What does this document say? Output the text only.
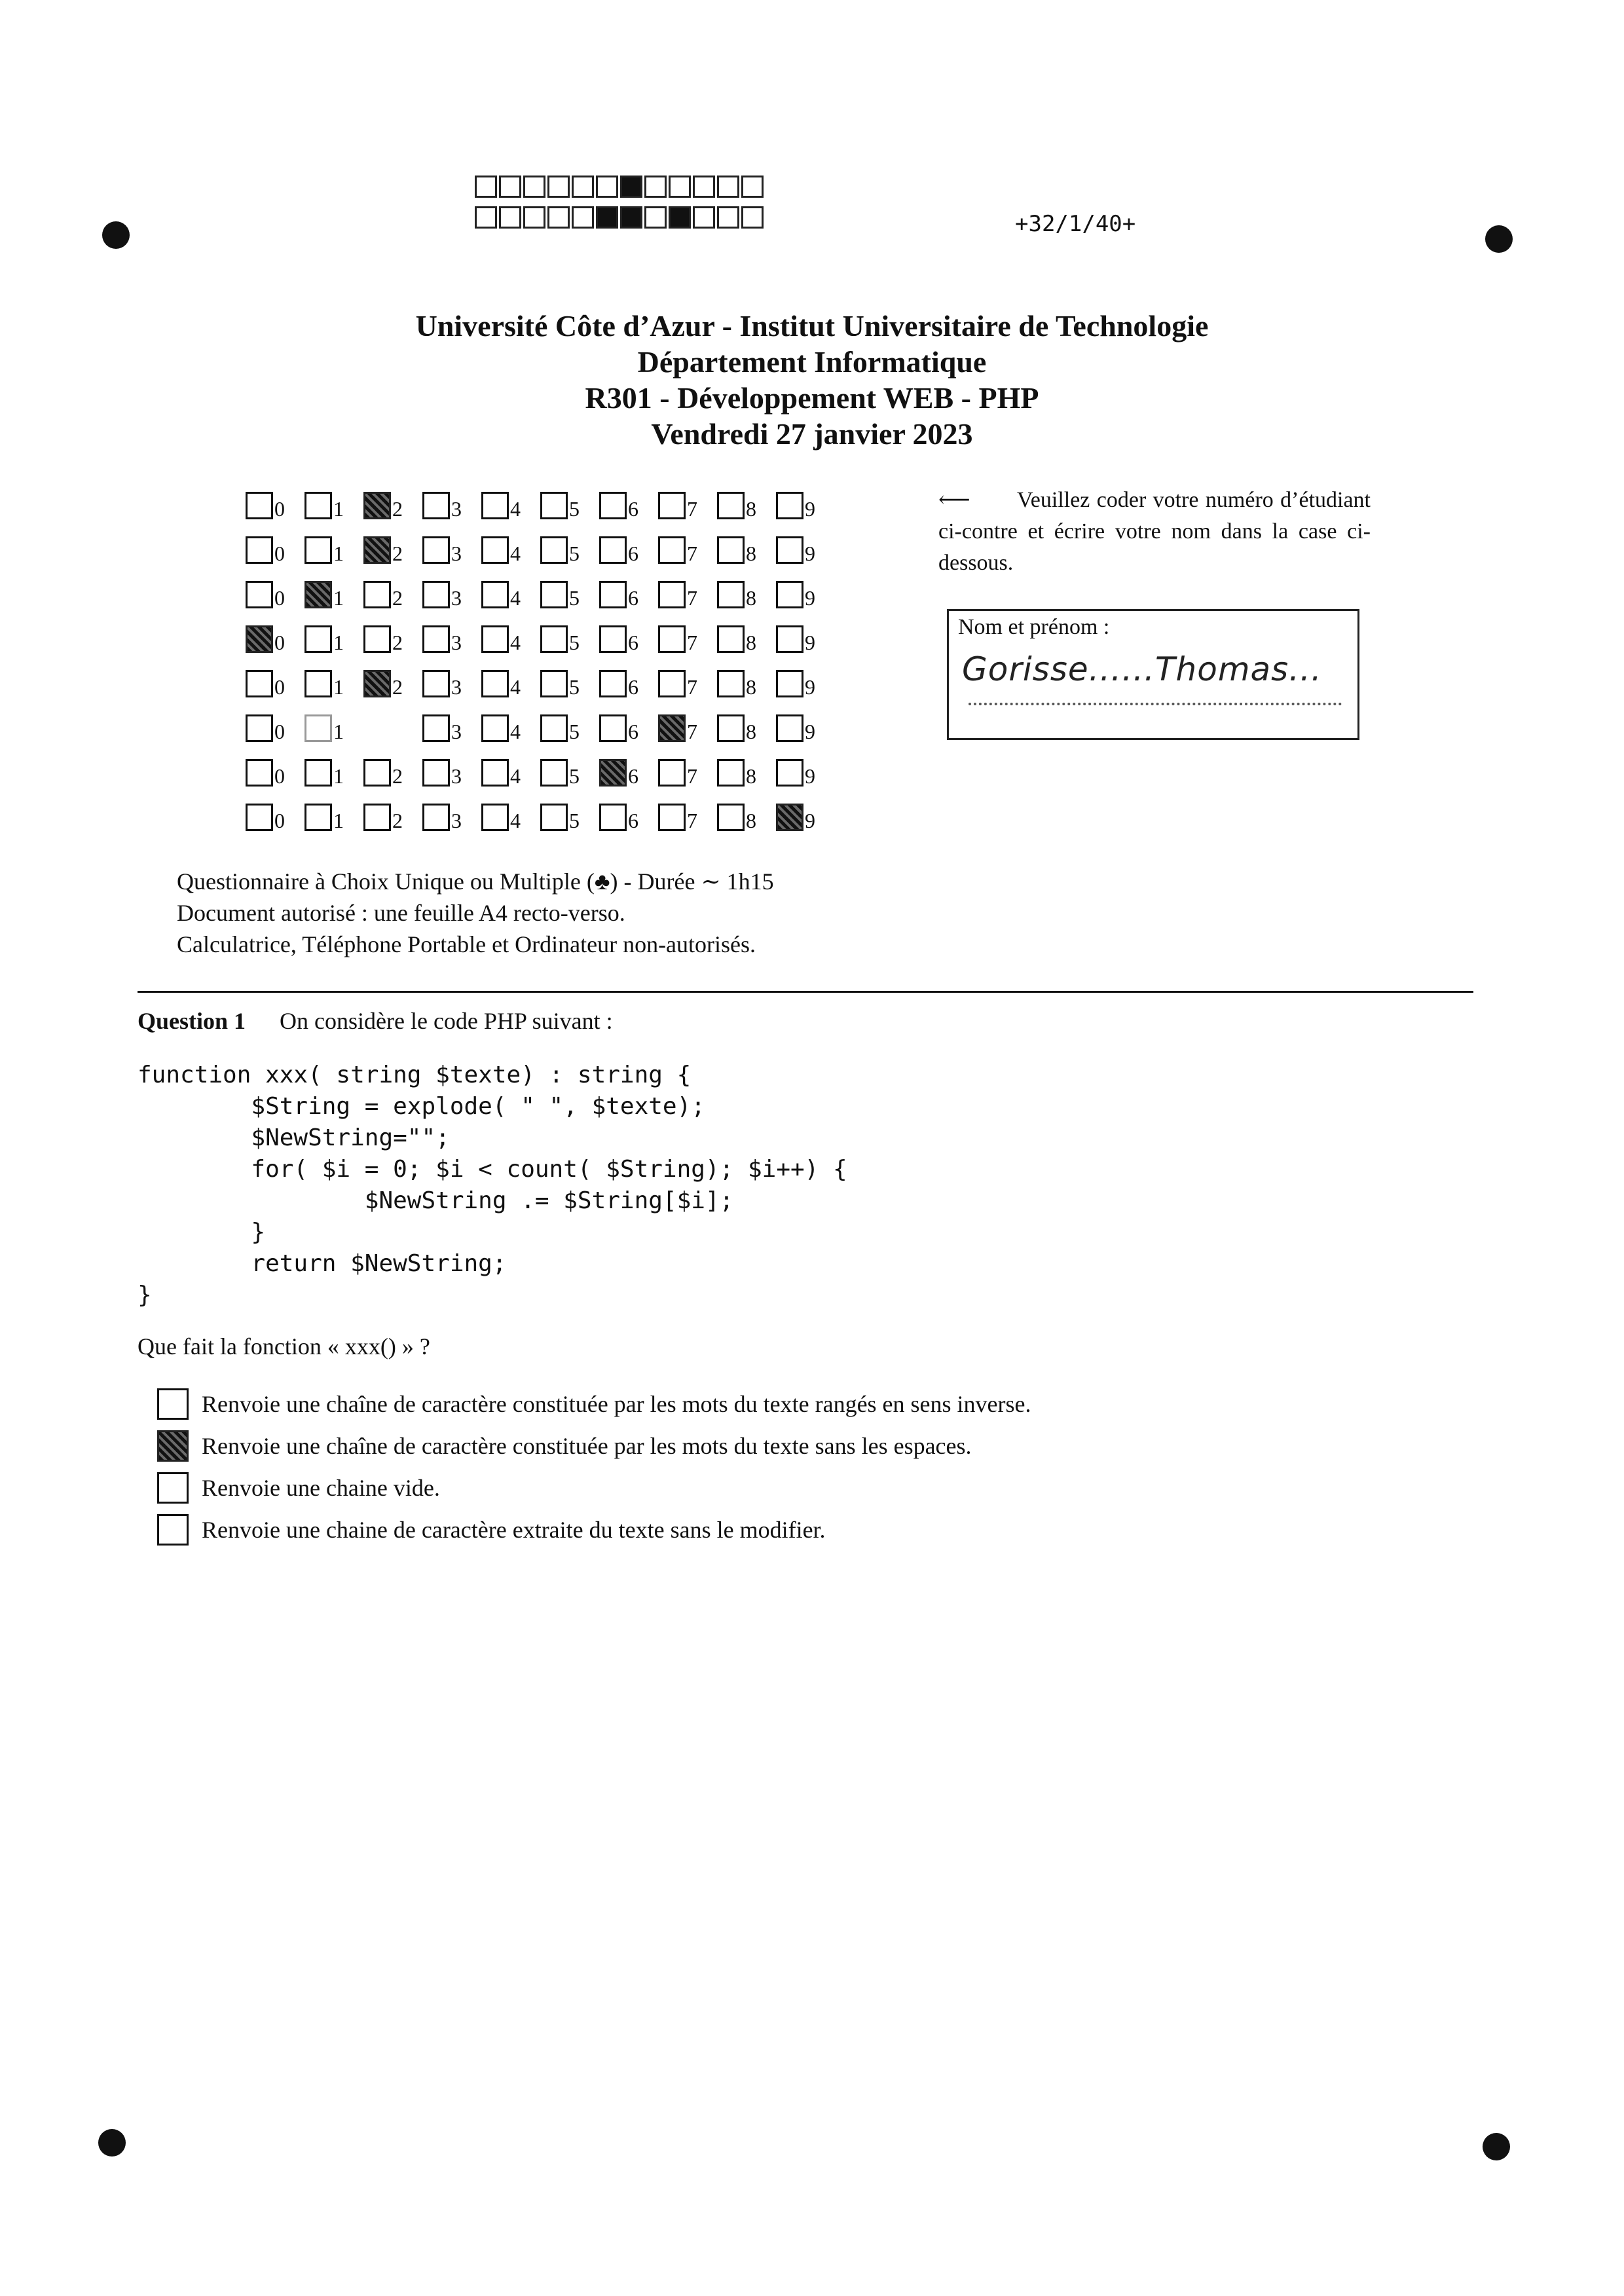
+32/1/40+
Université Côte d’Azur - Institut Universitaire de Technologie
Département Informatique
R301 - Développement WEB - PHP
Vendredi 27 janvier 2023
0 1 2 3 4 5 6 7 8 9
0 1 2 3 4 5 6 7 8 9
0 1 2 3 4 5 6 7 8 9
0 1 2 3 4 5 6 7 8 9
0 1 2 3 4 5 6 7 8 9
0 1	3 4 5 6 7 8 9
0 1 2 3 4 5 6 7 8 9
0 1 2 3 4 5 6 7 8 9
⟵ Veuillez coder votre numéro d’étudiant ci-contre et écrire votre nom dans la case ci-dessous.
Nom et prénom :
Gorisse......Thomas...
Questionnaire à Choix Unique ou Multiple (♣) - Durée ∼ 1h15
Document autorisé : une feuille A4 recto-verso.
Calculatrice, Téléphone Portable et Ordinateur non-autorisés.
Question 1 On considère le code PHP suivant :
function xxx( string $texte) : string {
$String = explode( " ", $texte);
$NewString="";
for( $i = 0; $i < count( $String); $i++) {
$NewString .= $String[$i];
}
return $NewString;
}
Que fait la fonction « xxx() » ?
Renvoie une chaîne de caractère constituée par les mots du texte rangés en sens inverse.
Renvoie une chaîne de caractère constituée par les mots du texte sans les espaces.
Renvoie une chaine vide.
Renvoie une chaine de caractère extraite du texte sans le modifier.
